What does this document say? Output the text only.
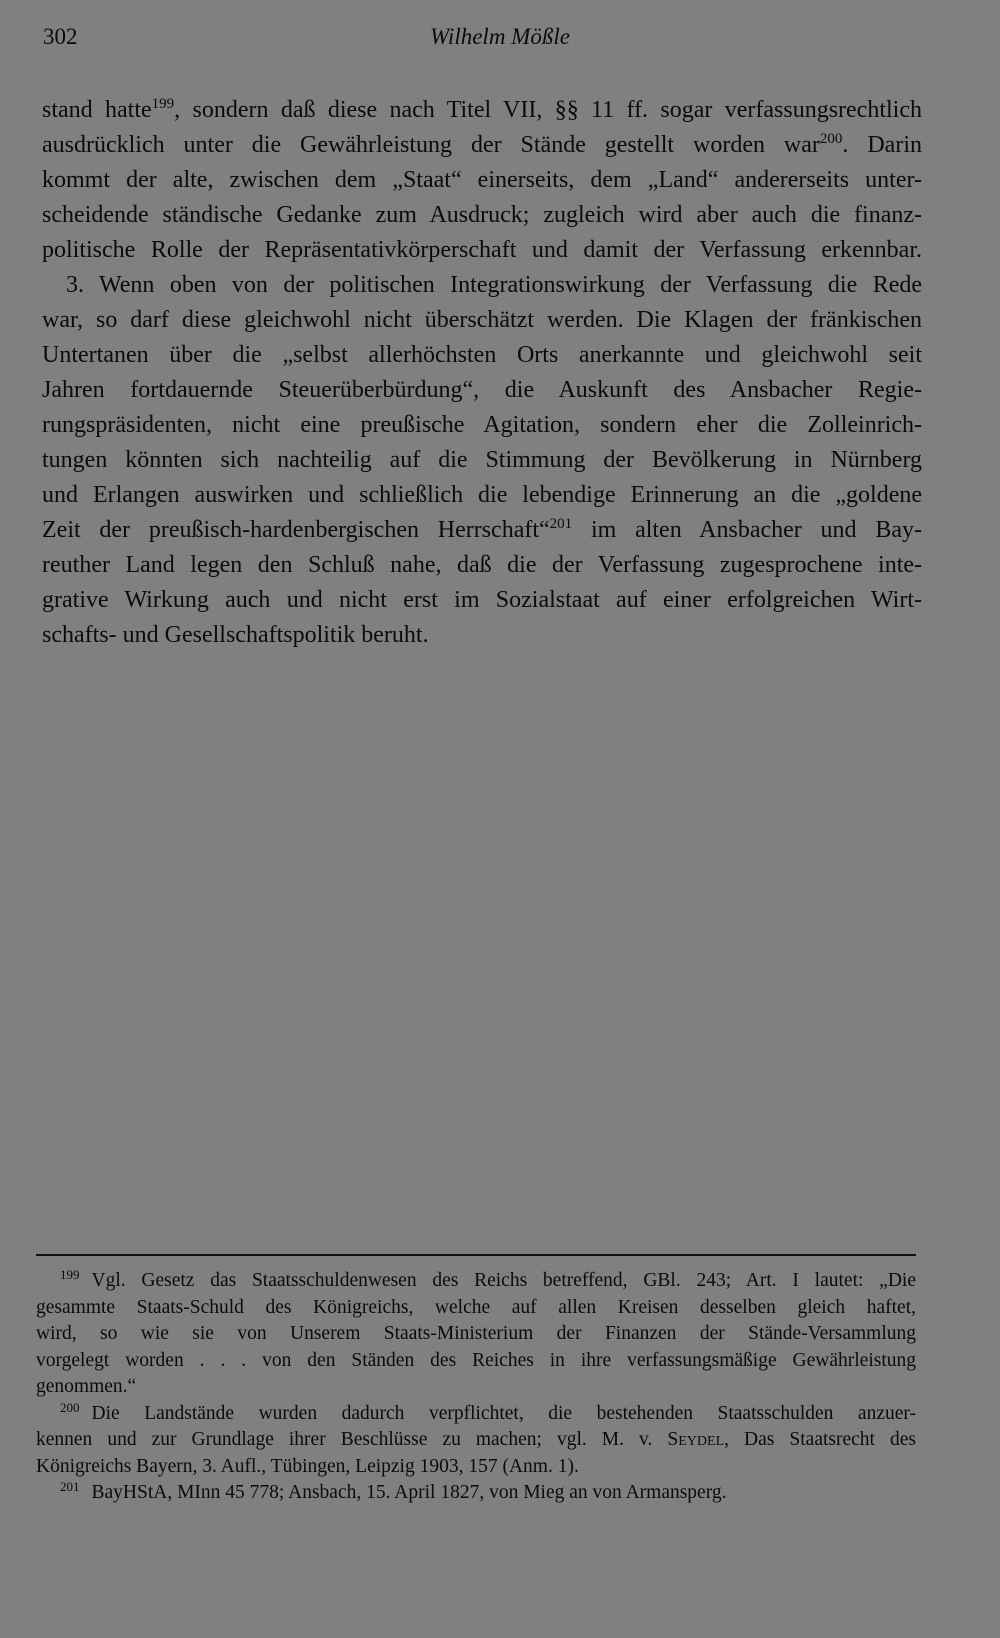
302	Wilhelm Mößle
stand hatte$^{199}$, sondern daß diese nach Titel VII, §§ 11 ff. sogar verfassungsrechtlich
ausdrücklich unter die Gewährleistung der Stände gestellt worden war$^{200}$. Darin
kommt der alte, zwischen dem „Staat“ einerseits, dem „Land“ andererseits unter-
scheidende ständische Gedanke zum Ausdruck; zugleich wird aber auch die finanz-
politische Rolle der Repräsentativkörperschaft und damit der Verfassung erkennbar.
3. Wenn oben von der politischen Integrationswirkung der Verfassung die Rede
war, so darf diese gleichwohl nicht überschätzt werden. Die Klagen der fränkischen
Untertanen über die „selbst allerhöchsten Orts anerkannte und gleichwohl seit
Jahren fortdauernde Steuerüberbürdung“, die Auskunft des Ansbacher Regie-
rungspräsidenten, nicht eine preußische Agitation, sondern eher die Zolleinrich-
tungen könnten sich nachteilig auf die Stimmung der Bevölkerung in Nürnberg
und Erlangen auswirken und schließlich die lebendige Erinnerung an die „goldene
Zeit der preußisch-hardenbergischen Herrschaft“$^{201}$ im alten Ansbacher und Bay-
reuther Land legen den Schluß nahe, daß die der Verfassung zugesprochene inte-
grative Wirkung auch und nicht erst im Sozialstaat auf einer erfolgreichen Wirt-
schafts- und Gesellschaftspolitik beruht.
$^{199}$ Vgl. Gesetz das Staatsschuldenwesen des Reichs betreffend, GBl. 243; Art. I lautet: „Die
gesammte Staats-Schuld des Königreichs, welche auf allen Kreisen desselben gleich haftet,
wird, so wie sie von Unserem Staats-Ministerium der Finanzen der Stände-Versammlung
vorgelegt worden . . . von den Ständen des Reiches in ihre verfassungsmäßige Gewährleistung
genommen.“
$^{200}$ Die Landstände wurden dadurch verpflichtet, die bestehenden Staatsschulden anzuer-
kennen und zur Grundlage ihrer Beschlüsse zu machen; vgl. M. v. Seydel, Das Staatsrecht des
Königreichs Bayern, 3. Aufl., Tübingen, Leipzig 1903, 157 (Anm. 1).
$^{201}$ BayHStA, MInn 45 778; Ansbach, 15. April 1827, von Mieg an von Armansperg.
